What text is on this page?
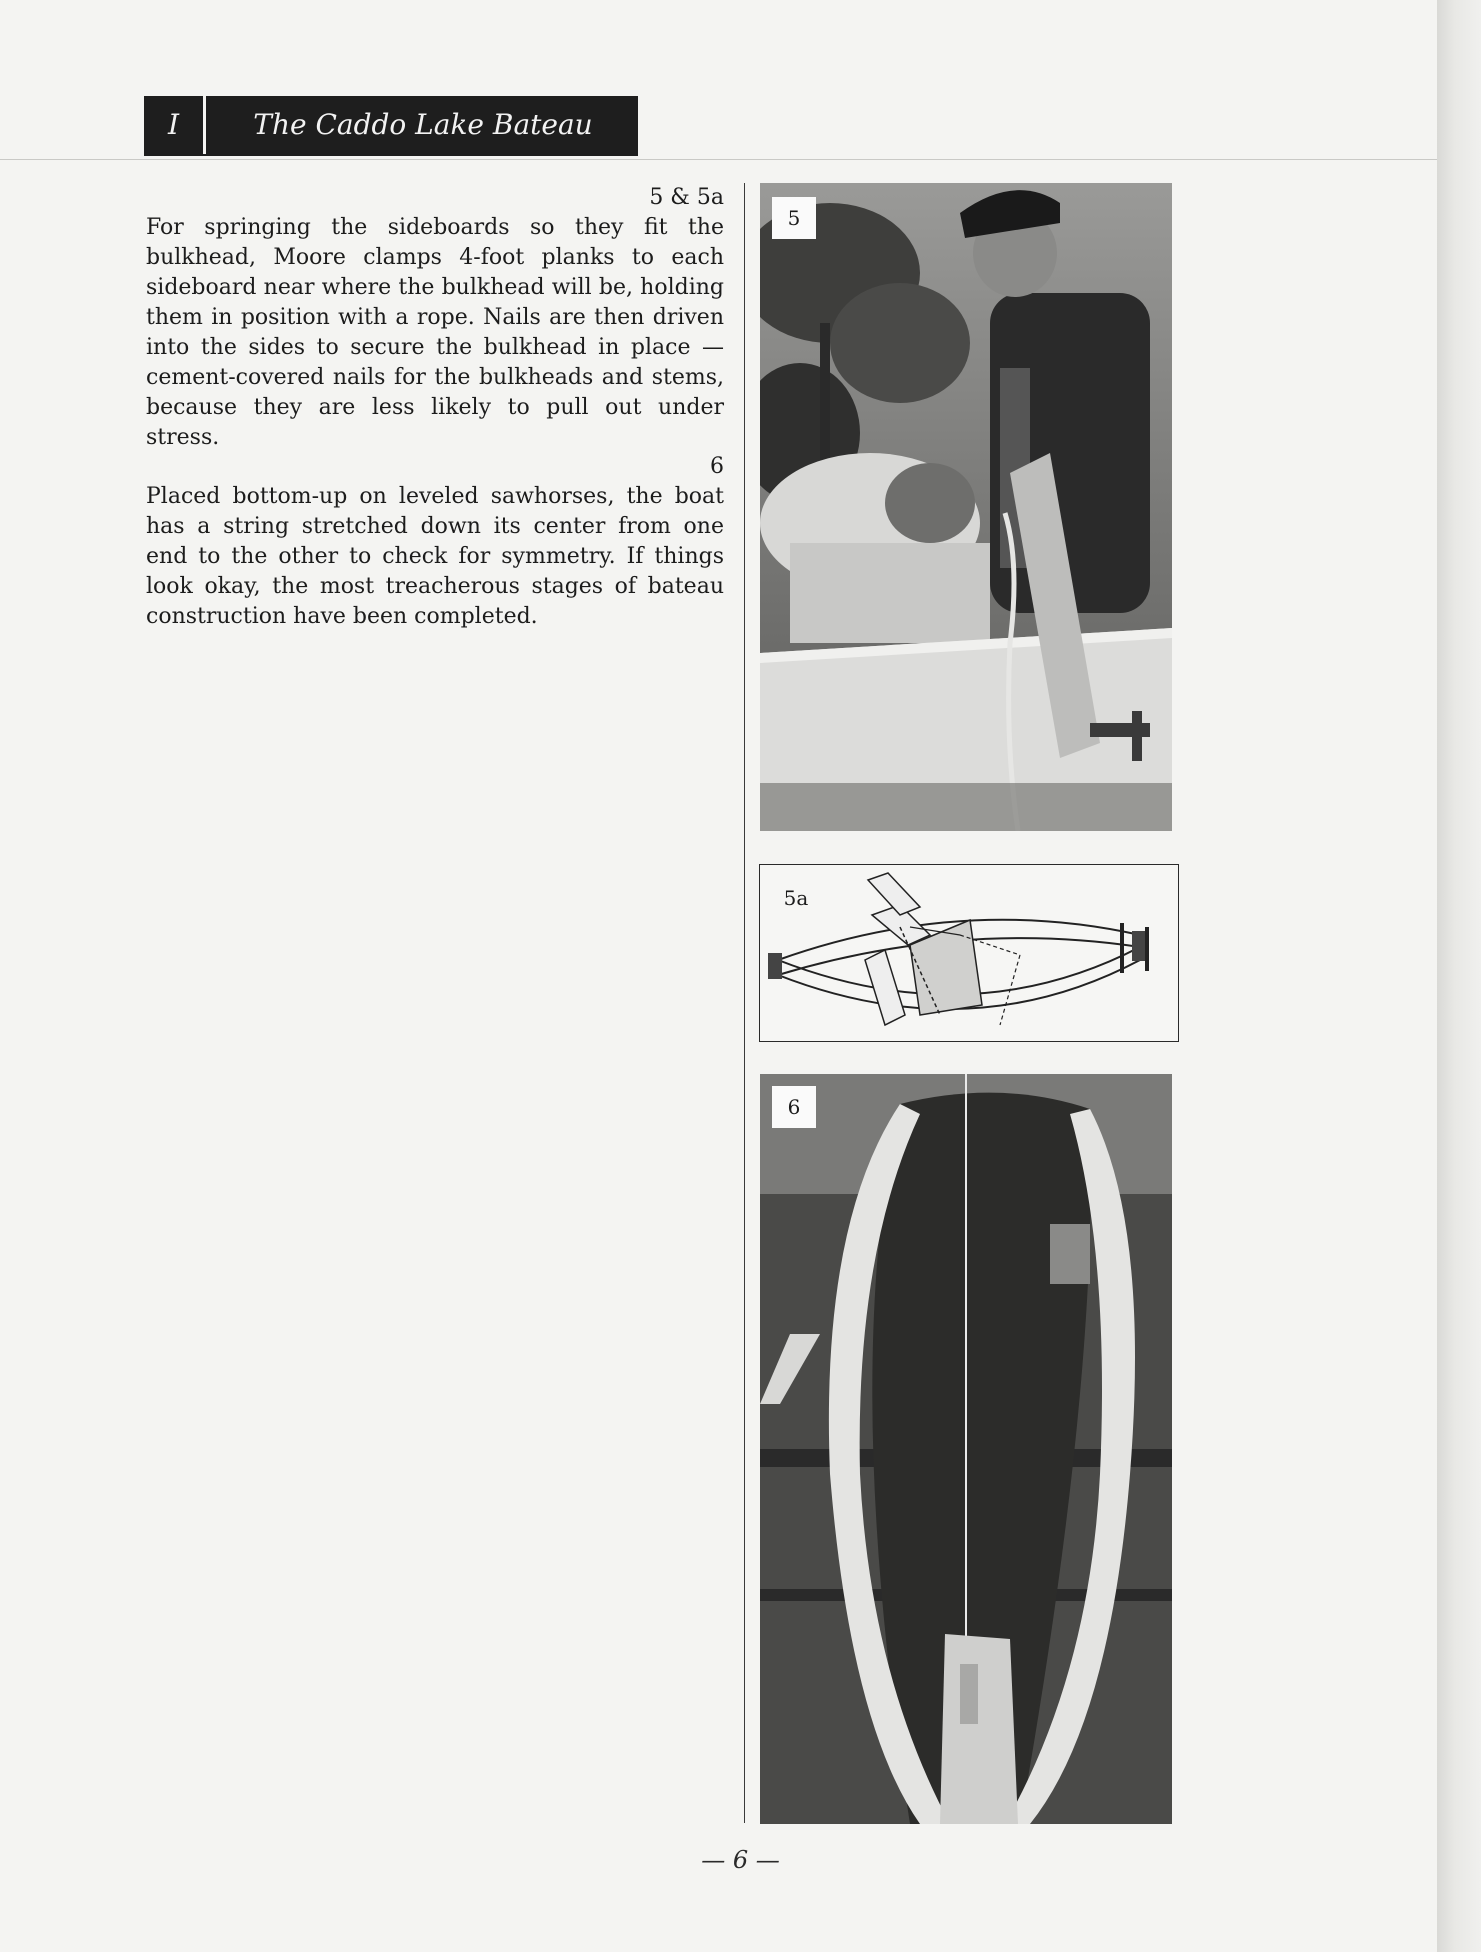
I	The Caddo Lake Bateau
5 & 5a
For springing the sideboards so they fit the bulkhead, Moore clamps 4-foot planks to each sideboard near where the bulkhead will be, holding them in position with a rope. Nails are then driven into the sides to secure the bulkhead in place — cement-covered nails for the bulkheads and stems, because they are less likely to pull out under stress.
6
Placed bottom-up on leveled sawhorses, the boat has a string stretched down its center from one end to the other to check for symmetry. If things look okay, the most treacherous stages of bateau construction have been completed.
5
5a
6
— 6 —
